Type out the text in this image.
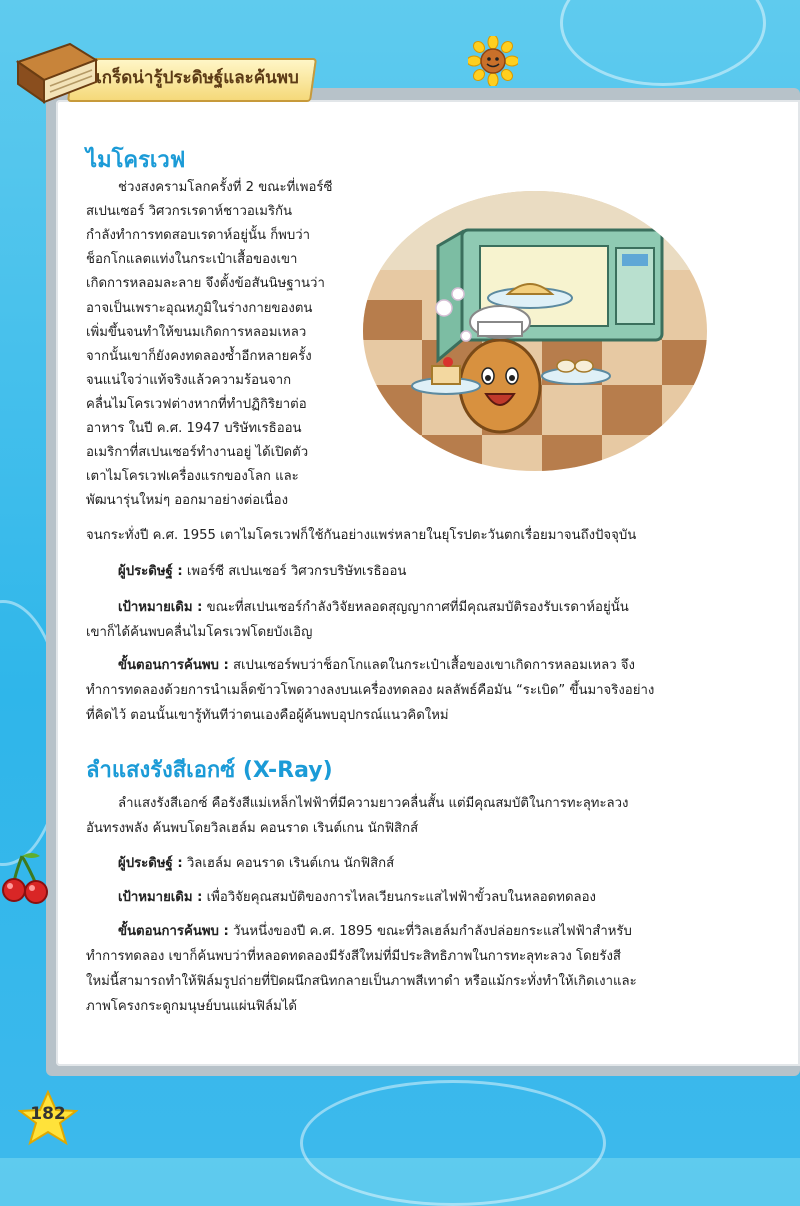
เกร็ดน่ารู้ประดิษฐ์และค้นพบ
ไมโครเวฟ

ช่วงสงครามโลกครั้งที่ 2 ขณะที่เพอร์ซี

สเปนเซอร์ วิศวกรเรดาห์ชาวอเมริกัน

กำลังทำการทดสอบเรดาห์อยู่นั้น ก็พบว่า

ช็อกโกแลตแท่งในกระเป๋าเสื้อของเขา

เกิดการหลอมละลาย จึงตั้งข้อสันนิษฐานว่า

อาจเป็นเพราะอุณหภูมิในร่างกายของตน

เพิ่มขึ้นจนทำให้ขนมเกิดการหลอมเหลว

จากนั้นเขาก็ยังคงทดลองซ้ำอีกหลายครั้ง

จนแน่ใจว่าแท้จริงแล้วความร้อนจาก

คลื่นไมโครเวฟต่างหากที่ทำปฏิกิริยาต่อ

อาหาร ในปี ค.ศ. 1947 บริษัทเรธิออน

อเมริกาที่สเปนเซอร์ทำงานอยู่ ได้เปิดตัว

เตาไมโครเวฟเครื่องแรกของโลก และ

พัฒนารุ่นใหม่ๆ ออกมาอย่างต่อเนื่อง

จนกระทั่งปี ค.ศ. 1955 เตาไมโครเวฟก็ใช้กันอย่างแพร่หลายในยุโรปตะวันตกเรื่อยมาจนถึงปัจจุบัน

ผู้ประดิษฐ์ : เพอร์ซี สเปนเซอร์ วิศวกรบริษัทเรธิออน

เป้าหมายเดิม : ขณะที่สเปนเซอร์กำลังวิจัยหลอดสุญญากาศที่มีคุณสมบัติรองรับเรดาห์อยู่นั้น

เขาก็ได้ค้นพบคลื่นไมโครเวฟโดยบังเอิญ

ขั้นตอนการค้นพบ : สเปนเซอร์พบว่าช็อกโกแลตในกระเป๋าเสื้อของเขาเกิดการหลอมเหลว จึง

ทำการทดลองด้วยการนำเมล็ดข้าวโพดวางลงบนเครื่องทดลอง ผลลัพธ์คือมัน “ระเบิด” ขึ้นมาจริงอย่าง

ที่คิดไว้ ตอนนั้นเขารู้ทันทีว่าตนเองคือผู้ค้นพบอุปกรณ์แนวคิดใหม่

ลำแสงรังสีเอกซ์ (X-Ray)

ลำแสงรังสีเอกซ์ คือรังสีแม่เหล็กไฟฟ้าที่มีความยาวคลื่นสั้น แต่มีคุณสมบัติในการทะลุทะลวง

อันทรงพลัง ค้นพบโดยวิลเฮล์ม คอนราด เรินต์เกน นักฟิสิกส์

ผู้ประดิษฐ์ : วิลเฮล์ม คอนราด เรินต์เกน นักฟิสิกส์

เป้าหมายเดิม : เพื่อวิจัยคุณสมบัติของการไหลเวียนกระแสไฟฟ้าขั้วลบในหลอดทดลอง

ขั้นตอนการค้นพบ : วันหนึ่งของปี ค.ศ. 1895 ขณะที่วิลเฮล์มกำลังปล่อยกระแสไฟฟ้าสำหรับ

ทำการทดลอง เขาก็ค้นพบว่าที่หลอดทดลองมีรังสีใหม่ที่มีประสิทธิภาพในการทะลุทะลวง โดยรังสี

ใหม่นี้สามารถทำให้ฟิล์มรูปถ่ายที่ปิดผนึกสนิทกลายเป็นภาพสีเทาดำ หรือแม้กระทั่งทำให้เกิดเงาและ

ภาพโครงกระดูกมนุษย์บนแผ่นฟิล์มได้

182
